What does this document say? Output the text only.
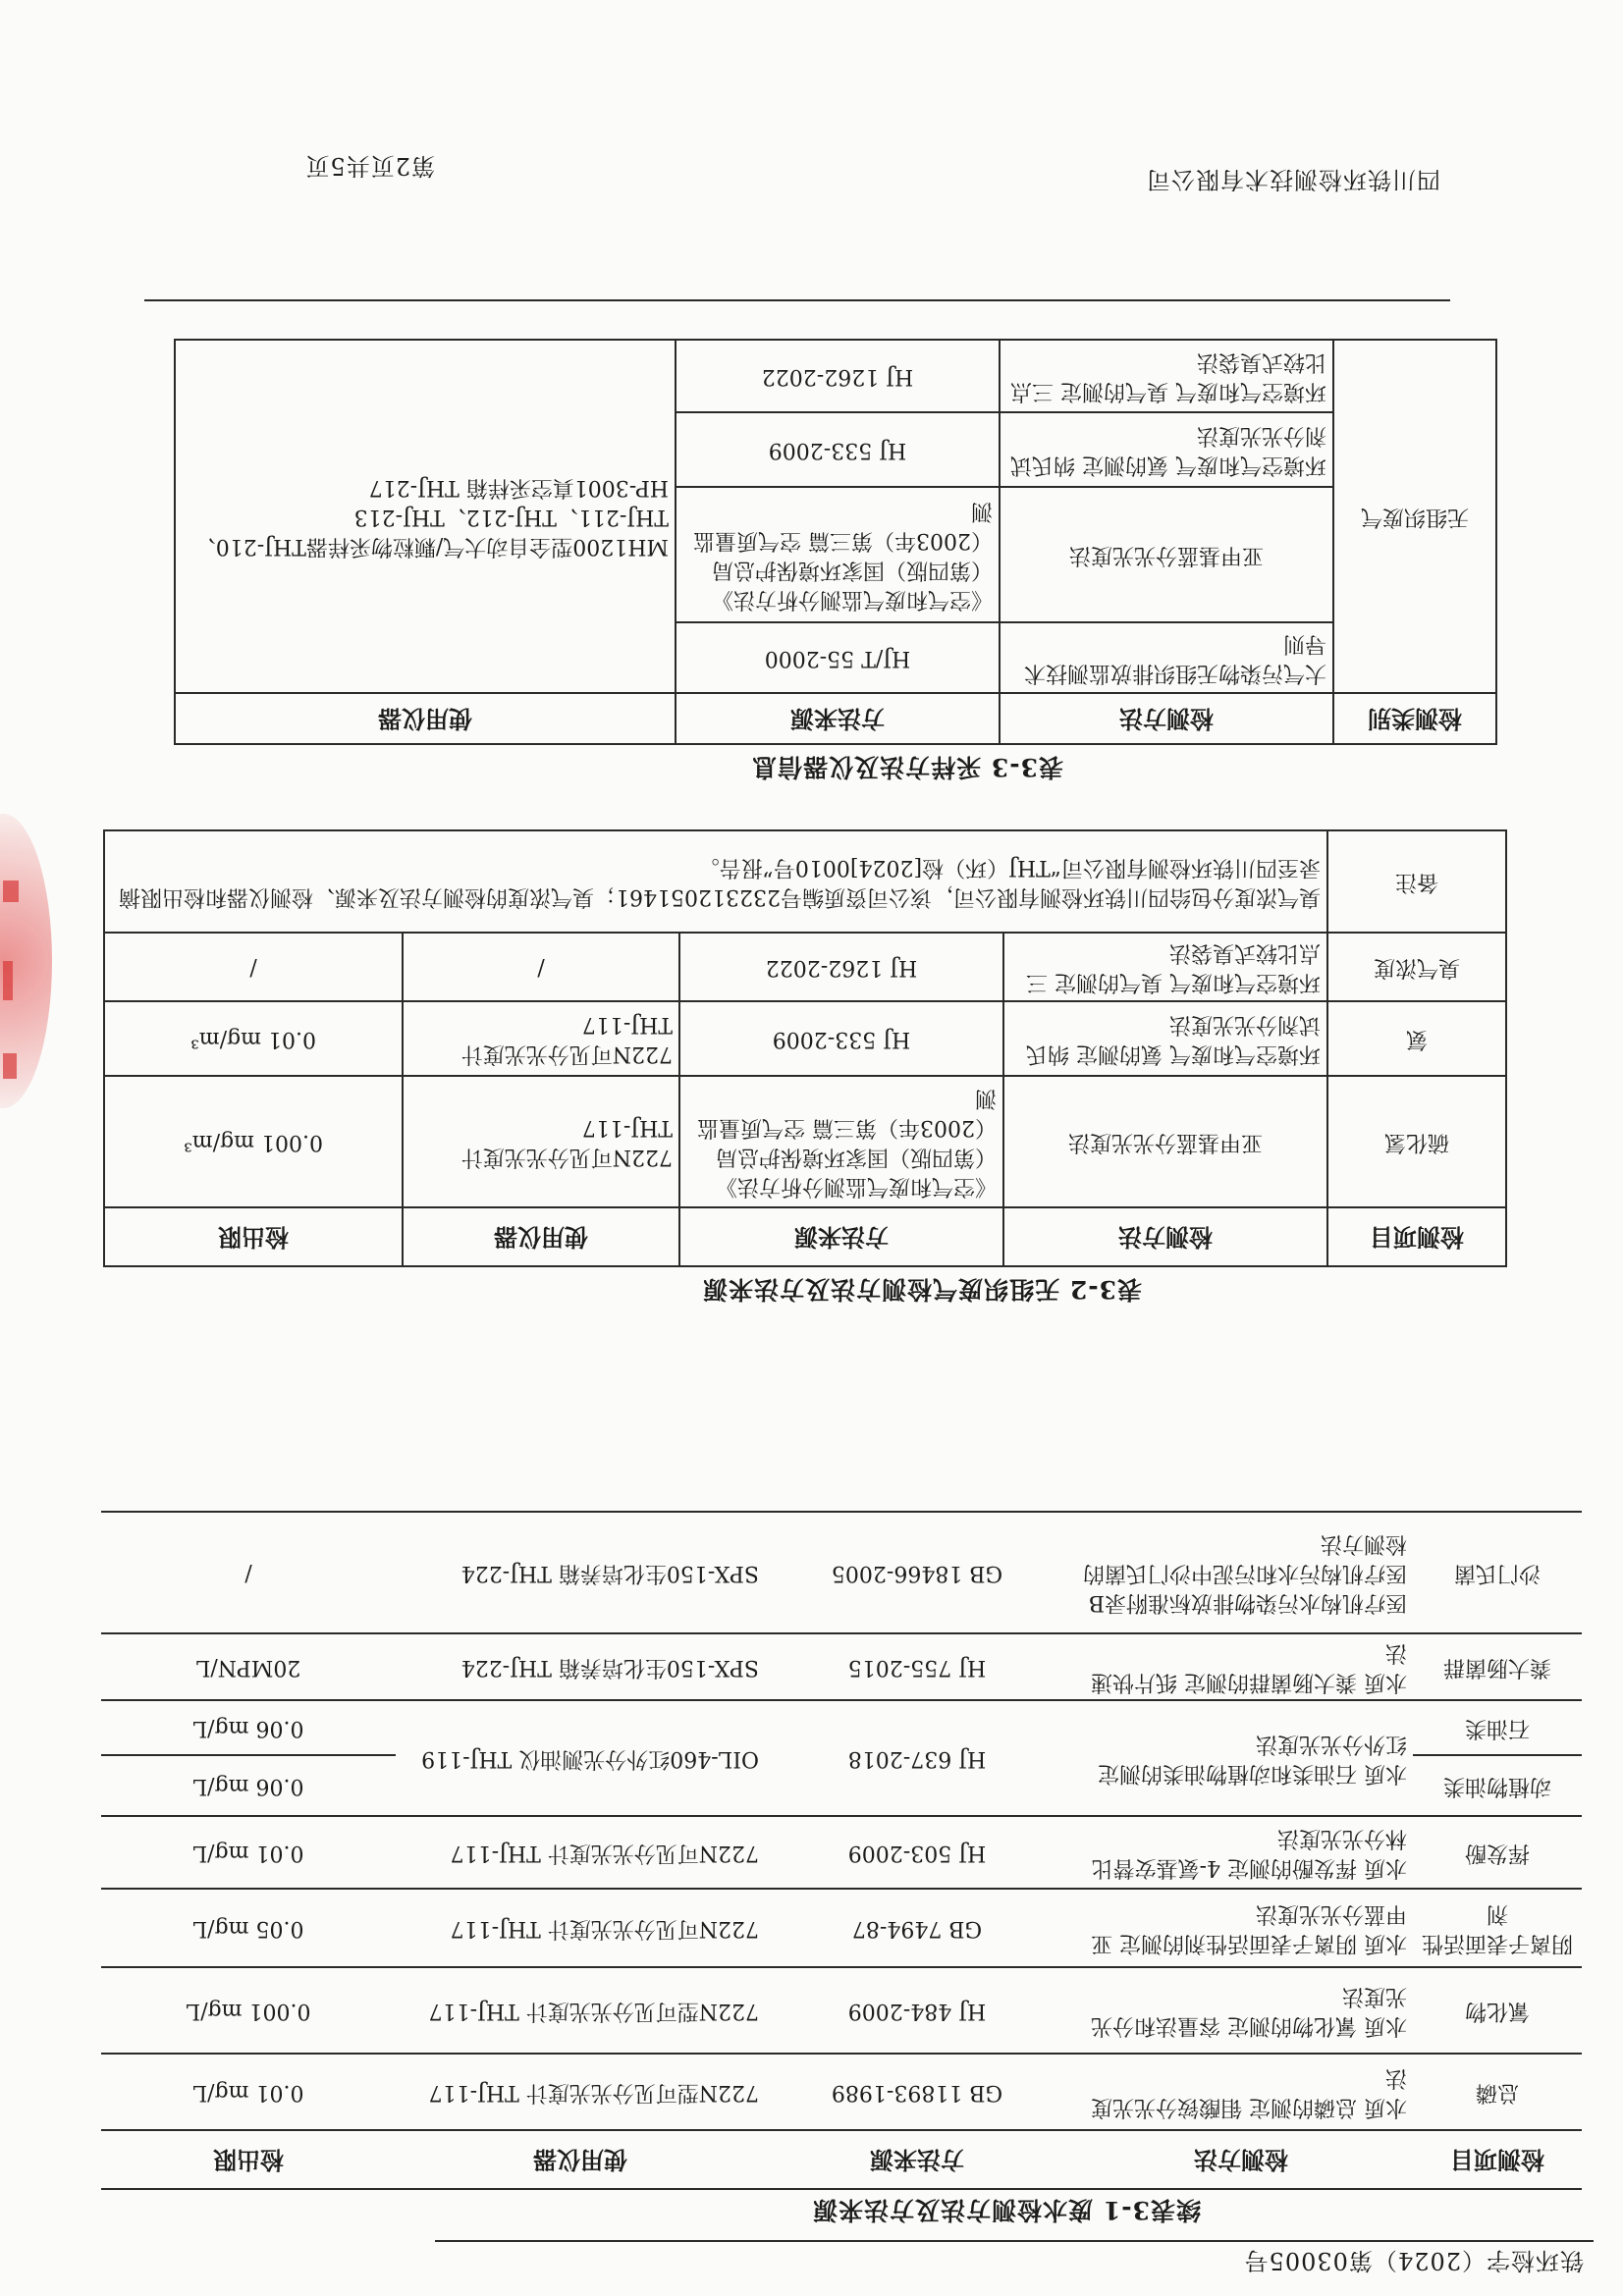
铁环检字（2024）第03005号
续表3-1 废水检测方法及方法来源
检测项目	检测方法	方法来源	使用仪器	检出限
总磷	水质 总磷的测定 钼酸铵分光光度法	GB 11893-1989	722N型可见分光光度计 THJ-117	0.01 mg/L
氰化物	水质 氰化物的测定 容量法和分光光度法	HJ 484-2009	722N型可见分光光度计 THJ-117	0.001 mg/L
阴离子表面活性剂	水质 阴离子表面活性剂的测定 亚甲蓝分光光度法	GB 7494-87	722N可见分光光度计 THJ-117	0.05 mg/L
挥发酚	水质 挥发酚的测定 4-氨基安替比林分光光度法	HJ 503-2009	722N可见分光光度计 THJ-117	0.01 mg/L
动植物油类	水质 石油类和动植物油类的测定 红外分光光度法	HJ 637-2018	OIL-460红外分光测油仪 THJ-119	0.06 mg/L
石油类				0.06 mg/L
粪大肠菌群	水质 粪大肠菌群的测定 纸片快速法	HJ 755-2015	SPX-150生化培养箱 THJ-224	20MPN/L
沙门氏菌	医疗机构水污染物排放标准附录B医疗机构污水和污泥中沙门氏菌的检测方法	GB 18466-2005	SPX-150生化培养箱 THJ-224	/
表3-2 无组织废气检测方法及方法来源
检测项目	检测方法	方法来源	使用仪器	检出限
硫化氢	亚甲基蓝分光光度法	《空气和废气监测分析方法》（第四版）国家环境保护总局（2003年）第三篇 空气质量监测	722N可见分光光度计 THJ-117	0.001 mg/m³
氨	环境空气和废气 氨的测定 纳氏试剂分光光度法	HJ 533-2009	722N可见分光光度计 THJ-117	0.01 mg/m³
臭气浓度	环境空气和废气 臭气的测定 三点比较式臭袋法	HJ 1262-2022	/	/
备注	臭气浓度分包给四川铁环检测有限公司，该公司资质编号232312051461；臭气浓度的检测方法及来源、检测仪器和检出限摘录至四川铁环检测有限公司“THJ（环）检[2024]0010号”报告。			
表3-3 采样方法及仪器信息
检测类别	检测方法	方法来源	使用仪器
无组织废气	大气污染物无组织排放监测技术导则	HJ/T 55-2000	MH1200型全自动大气/颗粒物采样器THJ-210、THJ-211、THJ-212、THJ-213
HP-3001真空采样箱 THJ-217
	亚甲基蓝分光光度法	《空气和废气监测分析方法》（第四版）国家环境保护总局（2003年）第三篇 空气质量监测	
	环境空气和废气 氨的测定 纳氏试剂分光光度法	HJ 533-2009	
	环境空气和废气 臭气的测定 三点比较式臭袋法	HJ 1262-2022	
四川铁环检测技术有限公司
第2页共5页
